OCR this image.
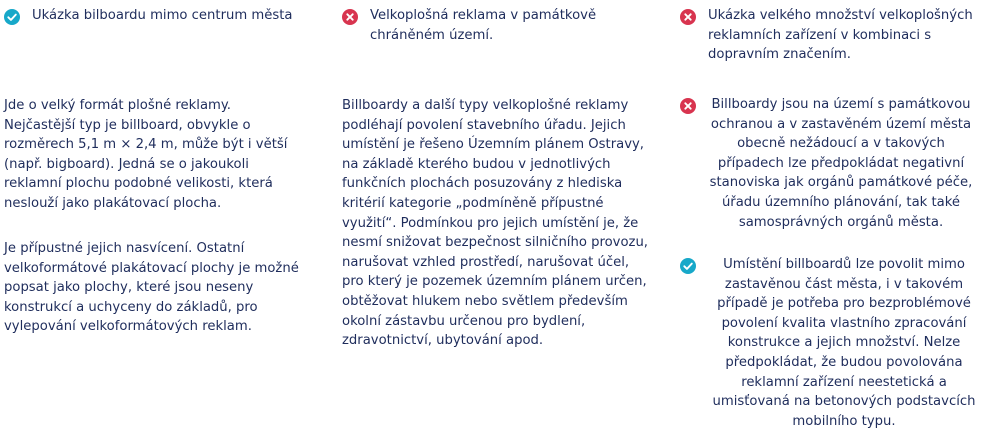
Ukázka bilboardu mimo centrum města

Jde o velký formát plošné reklamy. Nejčastější typ je billboard, obvykle o rozměrech 5,1 m × 2,4 m, může být i větší (např. bigboard). Jedná se o jakoukoli reklamní plochu podobné velikosti, která neslouží jako plakátovací plocha.

Je přípustné jejich nasvícení. Ostatní velkoformátové plakátovací plochy je možné popsat jako plochy, které jsou neseny konstrukcí a uchyceny do základů, pro vylepování velkoformátových reklam.

Velkoplošná reklama v památkově chráněném území.

Billboardy a další typy velkoplošné reklamy podléhají povolení stavebního úřadu. Jejich umístění je řešeno Územním plánem Ostravy, na základě kterého budou v jednotlivých funkčních plochách posuzovány z hlediska kritérií kategorie „podmíněně přípustné využití“. Podmínkou pro jejich umístění je, že nesmí snižovat bezpečnost silničního provozu, narušovat vzhled prostředí, narušovat účel, pro který je pozemek územním plánem určen, obtěžovat hlukem nebo světlem především okolní zástavbu určenou pro bydlení, zdravotnictví, ubytování apod.

Ukázka velkého množství velkoplošných reklamních zařízení v kombinaci s dopravním značením.

Billboardy jsou na území s památkovou ochranou a v zastavěném území města obecně nežádoucí a v takových případech lze předpokládat negativní stanoviska jak orgánů památkové péče, úřadu územního plánování, tak také samosprávných orgánů města.

Umístění billboardů lze povolit mimo zastavěnou část města, i v takovém případě je potřeba pro bezproblémové povolení kvalita vlastního zpracování konstrukce a jejich množství. Nelze předpokládat, že budou povolována reklamní zařízení neestetická a umisťovaná na betonových podstavcích mobilního typu.
